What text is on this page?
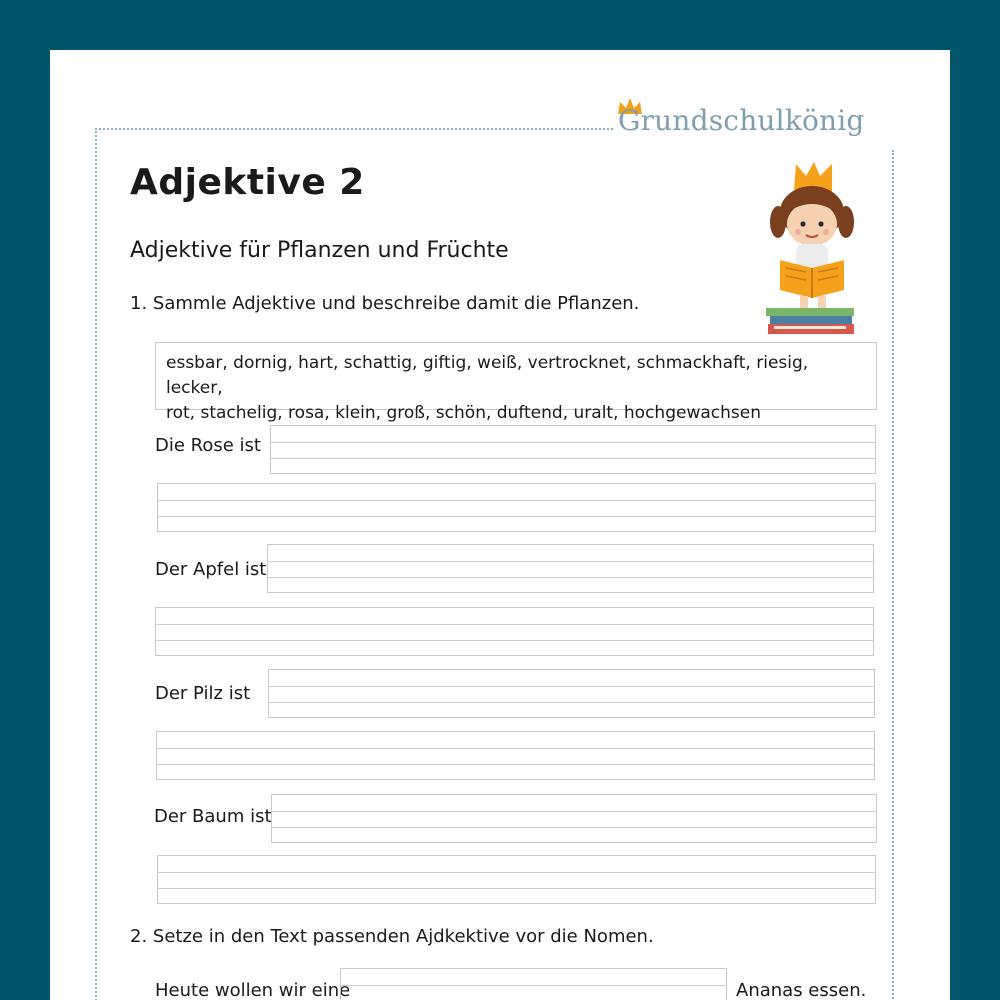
Grundschulkönig
Adjektive 2
Adjektive für Pflanzen und Früchte
1. Sammle Adjektive und beschreibe damit die Pflanzen.
essbar, dornig, hart, schattig, giftig, weiß, vertrocknet, schmackhaft, riesig, lecker,
rot, stachelig, rosa, klein, groß, schön, duftend, uralt, hochgewachsen
Die Rose ist
Der Apfel ist
Der Pilz ist
Der Baum ist
2. Setze in den Text passenden Ajdkektive vor die Nomen.
Heute wollen wir eine	Ananas essen.
